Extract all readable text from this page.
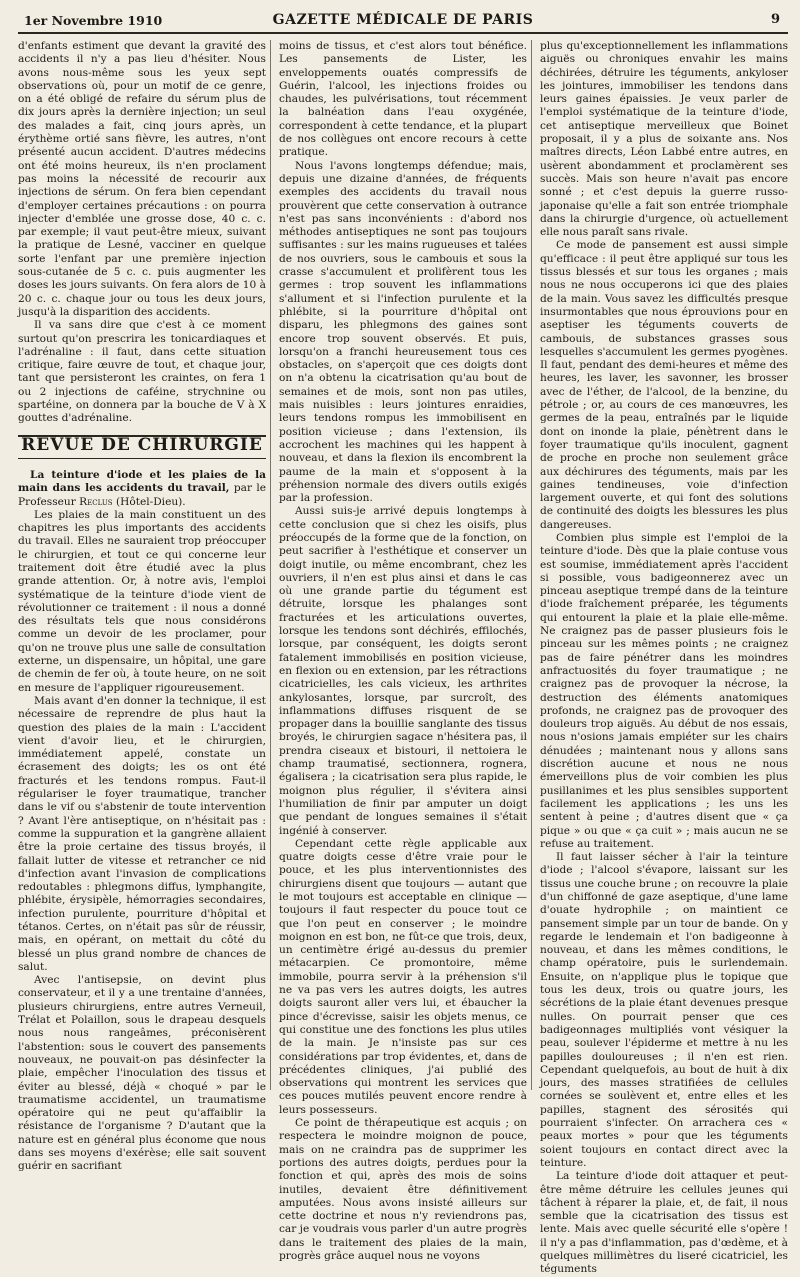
1er Novembre 1910	GAZETTE MÉDICALE DE PARIS	9

d'enfants estiment que devant la gravité des accidents il n'y a pas lieu d'hésiter. Nous avons nous-même sous les yeux sept observations où, pour un motif de ce genre, on a été obligé de refaire du sérum plus de dix jours après la dernière injection; un seul des malades a fait, cinq jours après, un érythème ortié sans fièvre, les autres, n'ont présenté aucun accident. D'autres médecins ont été moins heureux, ils n'en proclament pas moins la nécessité de recourir aux injections de sérum. On fera bien cependant d'employer certaines précautions : on pourra injecter d'emblée une grosse dose, 40 c. c. par exemple; il vaut peut-être mieux, suivant la pratique de Lesné, vacciner en quelque sorte l'enfant par une première injection sous-cutanée de 5 c. c. puis augmenter les doses les jours suivants. On fera alors de 10 à 20 c. c. chaque jour ou tous les deux jours, jusqu'à la disparition des accidents.

Il va sans dire que c'est à ce moment surtout qu'on prescrira les tonicardiaques et l'adrénaline : il faut, dans cette situation critique, faire œuvre de tout, et chaque jour, tant que persisteront les craintes, on fera 1 ou 2 injections de caféine, strychnine ou spartéine, on donnera par la bouche de V à X gouttes d'adrénaline.

REVUE DE CHIRURGIE

La teinture d'iode et les plaies de la main dans les accidents du travail, par le Professeur Reclus (Hôtel-Dieu).

Les plaies de la main constituent un des chapitres les plus importants des accidents du travail. Elles ne sauraient trop préoccuper le chirurgien, et tout ce qui concerne leur traitement doit être étudié avec la plus grande attention. Or, à notre avis, l'emploi systématique de la teinture d'iode vient de révolutionner ce traitement : il nous a donné des résultats tels que nous considérons comme un devoir de les proclamer, pour qu'on ne trouve plus une salle de consultation externe, un dispensaire, un hôpital, une gare de chemin de fer où, à toute heure, on ne soit en mesure de l'appliquer rigoureusement.

Mais avant d'en donner la technique, il est nécessaire de reprendre de plus haut la question des plaies de la main : L'accident vient d'avoir lieu, et le chirurgien, immédiatement appelé, constate un écrasement des doigts; les os ont été fracturés et les tendons rompus. Faut-il régulariser le foyer traumatique, trancher dans le vif ou s'abstenir de toute intervention ? Avant l'ère antiseptique, on n'hésitait pas : comme la suppuration et la gangrène allaient être la proie certaine des tissus broyés, il fallait lutter de vitesse et retrancher ce nid d'infection avant l'invasion de complications redoutables : phlegmons diffus, lymphangite, phlébite, érysipèle, hémorragies secondaires, infection purulente, pourriture d'hôpital et tétanos. Certes, on n'était pas sûr de réussir, mais, en opérant, on mettait du côté du blessé un plus grand nombre de chances de salut.

Avec l'antisepsie, on devint plus conservateur, et il y a une trentaine d'années, plusieurs chirurgiens, entre autres Verneuil, Trélat et Polaillon, sous le drapeau desquels nous nous rangeâmes, préconisèrent l'abstention: sous le couvert des pansements nouveaux, ne pouvait-on pas désinfecter la plaie, empêcher l'inoculation des tissus et éviter au blessé, déjà « choqué » par le traumatisme accidentel, un traumatisme opératoire qui ne peut qu'affaiblir la résistance de l'organisme ? D'autant que la nature est en général plus économe que nous dans ses moyens d'exérèse; elle sait souvent guérir en sacrifiant

moins de tissus, et c'est alors tout bénéfice. Les pansements de Lister, les enveloppements ouatés compressifs de Guérin, l'alcool, les injections froides ou chaudes, les pulvérisations, tout récemment la balnéation dans l'eau oxygénée, correspondent à cette tendance, et la plupart de nos collègues ont encore recours à cette pratique.

Nous l'avons longtemps défendue; mais, depuis une dizaine d'années, de fréquents exemples des accidents du travail nous prouvèrent que cette conservation à outrance n'est pas sans inconvénients : d'abord nos méthodes antiseptiques ne sont pas toujours suffisantes : sur les mains rugueuses et talées de nos ouvriers, sous le cambouis et sous la crasse s'accumulent et prolifèrent tous les germes : trop souvent les inflammations s'allument et si l'infection purulente et la phlébite, si la pourriture d'hôpital ont disparu, les phlegmons des gaines sont encore trop souvent observés. Et puis, lorsqu'on a franchi heureusement tous ces obstacles, on s'aperçoit que ces doigts dont on n'a obtenu la cicatrisation qu'au bout de semaines et de mois, sont non pas utiles, mais nuisibles : leurs jointures enraidies, leurs tendons rompus les immobilisent en position vicieuse ; dans l'extension, ils accrochent les machines qui les happent à nouveau, et dans la flexion ils encombrent la paume de la main et s'opposent à la préhension normale des divers outils exigés par la profession.

Aussi suis-je arrivé depuis longtemps à cette conclusion que si chez les oisifs, plus préoccupés de la forme que de la fonction, on peut sacrifier à l'esthétique et conserver un doigt inutile, ou même encombrant, chez les ouvriers, il n'en est plus ainsi et dans le cas où une grande partie du tégument est détruite, lorsque les phalanges sont fracturées et les articulations ouvertes, lorsque les tendons sont déchirés, effilochés, lorsque, par conséquent, les doigts seront fatalement immobilisés en position vicieuse, en flexion ou en extension, par les rétractions cicatricielles, les cals vicieux, les arthrites ankylosantes, lorsque, par surcroît, des inflammations diffuses risquent de se propager dans la bouillie sanglante des tissus broyés, le chirurgien sagace n'hésitera pas, il prendra ciseaux et bistouri, il nettoiera le champ traumatisé, sectionnera, rognera, égalisera ; la cicatrisation sera plus rapide, le moignon plus régulier, il s'évitera ainsi l'humiliation de finir par amputer un doigt que pendant de longues semaines il s'était ingénié à conserver.

Cependant cette règle applicable aux quatre doigts cesse d'être vraie pour le pouce, et les plus interventionnistes des chirurgiens disent que toujours — autant que le mot toujours est acceptable en clinique — toujours il faut respecter du pouce tout ce que l'on peut en conserver ; le moindre moignon en est bon, ne fût-ce que trois, deux, un centimètre érigé au-dessus du premier métacarpien. Ce promontoire, même immobile, pourra servir à la préhension s'il ne va pas vers les autres doigts, les autres doigts sauront aller vers lui, et ébaucher la pince d'écrevisse, saisir les objets menus, ce qui constitue une des fonctions les plus utiles de la main. Je n'insiste pas sur ces considérations par trop évidentes, et, dans de précédentes cliniques, j'ai publié des observations qui montrent les services que ces pouces mutilés peuvent encore rendre à leurs possesseurs.

Ce point de thérapeutique est acquis ; on respectera le moindre moignon de pouce, mais on ne craindra pas de supprimer les portions des autres doigts, perdues pour la fonction et qui, après des mois de soins inutiles, devaient être définitivement amputées. Nous avons insisté ailleurs sur cette doctrine et nous n'y reviendrons pas, car je voudrais vous parler d'un autre progrès dans le traitement des plaies de la main, progrès grâce auquel nous ne voyons

plus qu'exceptionnellement les inflammations aiguës ou chroniques envahir les mains déchirées, détruire les téguments, ankyloser les jointures, immobiliser les tendons dans leurs gaines épaissies. Je veux parler de l'emploi systématique de la teinture d'iode, cet antiseptique merveilleux que Boinet proposait, il y a plus de soixante ans. Nos maîtres directs, Léon Labbé entre autres, en usèrent abondamment et proclamèrent ses succès. Mais son heure n'avait pas encore sonné ; et c'est depuis la guerre russo-japonaise qu'elle a fait son entrée triomphale dans la chirurgie d'urgence, où actuellement elle nous paraît sans rivale.

Ce mode de pansement est aussi simple qu'efficace : il peut être appliqué sur tous les tissus blessés et sur tous les organes ; mais nous ne nous occuperons ici que des plaies de la main. Vous savez les difficultés presque insurmontables que nous éprouvions pour en aseptiser les téguments couverts de cambouis, de substances grasses sous lesquelles s'accumulent les germes pyogènes. Il faut, pendant des demi-heures et même des heures, les laver, les savonner, les brosser avec de l'éther, de l'alcool, de la benzine, du pétrole ; or, au cours de ces manœuvres, les germes de la peau, entraînés par le liquide dont on inonde la plaie, pénètrent dans le foyer traumatique qu'ils inoculent, gagnent de proche en proche non seulement grâce aux déchirures des téguments, mais par les gaines tendineuses, voie d'infection largement ouverte, et qui font des solutions de continuité des doigts les blessures les plus dangereuses.

Combien plus simple est l'emploi de la teinture d'iode. Dès que la plaie contuse vous est soumise, immédiatement après l'accident si possible, vous badigeonnerez avec un pinceau aseptique trempé dans de la teinture d'iode fraîchement préparée, les téguments qui entourent la plaie et la plaie elle-même. Ne craignez pas de passer plusieurs fois le pinceau sur les mêmes points ; ne craignez pas de faire pénétrer dans les moindres anfractuosités du foyer traumatique ; ne craignez pas de provoquer la nécrose, la destruction des éléments anatomiques profonds, ne craignez pas de provoquer des douleurs trop aiguës. Au début de nos essais, nous n'osions jamais empiéter sur les chairs dénudées ; maintenant nous y allons sans discrétion aucune et nous ne nous émerveillons plus de voir combien les plus pusillanimes et les plus sensibles supportent facilement les applications ; les uns les sentent à peine ; d'autres disent que « ça pique » ou que « ça cuit » ; mais aucun ne se refuse au traitement.

Il faut laisser sécher à l'air la teinture d'iode ; l'alcool s'évapore, laissant sur les tissus une couche brune ; on recouvre la plaie d'un chiffonné de gaze aseptique, d'une lame d'ouate hydrophile ; on maintient ce pansement simple par un tour de bande. On y regarde le lendemain et l'on badigeonne à nouveau, et dans les mêmes conditions, le champ opératoire, puis le surlendemain. Ensuite, on n'applique plus le topique que tous les deux, trois ou quatre jours, les sécrétions de la plaie étant devenues presque nulles. On pourrait penser que ces badigeonnages multipliés vont vésiquer la peau, soulever l'épiderme et mettre à nu les papilles douloureuses ; il n'en est rien. Cependant quelquefois, au bout de huit à dix jours, des masses stratifiées de cellules cornées se soulèvent et, entre elles et les papilles, stagnent des sérosités qui pourraient s'infecter. On arrachera ces « peaux mortes » pour que les téguments soient toujours en contact direct avec la teinture.

La teinture d'iode doit attaquer et peut-être même détruire les cellules jeunes qui tâchent à réparer la plaie, et, de fait, il nous semble que la cicatrisation des tissus est lente. Mais avec quelle sécurité elle s'opère ! il n'y a pas d'inflammation, pas d'œdème, et à quelques millimètres du liseré cicatriciel, les téguments
